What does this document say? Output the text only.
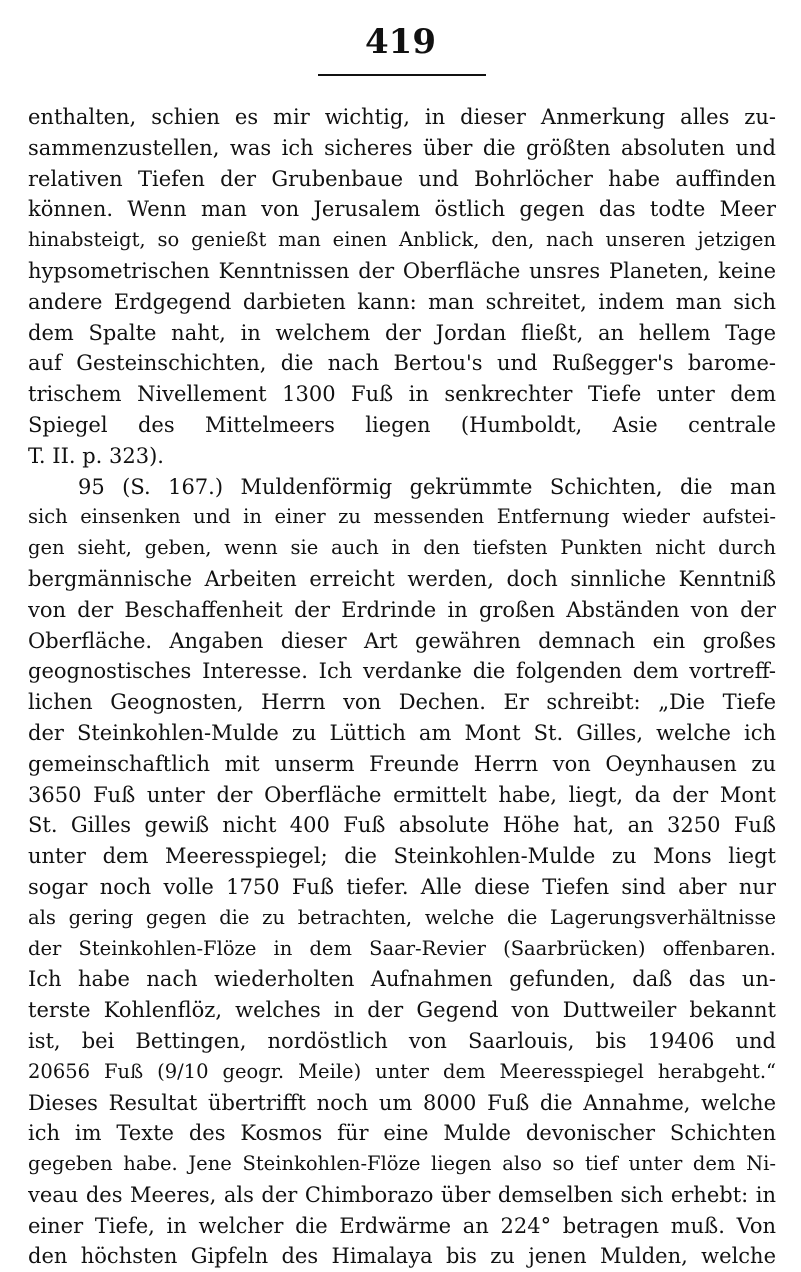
419
enthalten, schien es mir wichtig, in dieser Anmerkung alles zu-
sammenzustellen, was ich sicheres über die größten absoluten und
relativen Tiefen der Grubenbaue und Bohrlöcher habe auffinden
können. Wenn man von Jerusalem östlich gegen das todte Meer
hinabsteigt, so genießt man einen Anblick, den, nach unseren jetzigen
hypsometrischen Kenntnissen der Oberfläche unsres Planeten, keine
andere Erdgegend darbieten kann: man schreitet, indem man sich
dem Spalte naht, in welchem der Jordan fließt, an hellem Tage
auf Gesteinschichten, die nach Bertou's und Rußegger's barome-
trischem Nivellement 1300 Fuß in senkrechter Tiefe unter dem
Spiegel des Mittelmeers liegen (Humboldt, Asie centrale
T. II. p. 323).
95 (S. 167.) Muldenförmig gekrümmte Schichten, die man
sich einsenken und in einer zu messenden Entfernung wieder aufstei-
gen sieht, geben, wenn sie auch in den tiefsten Punkten nicht durch
bergmännische Arbeiten erreicht werden, doch sinnliche Kenntniß
von der Beschaffenheit der Erdrinde in großen Abständen von der
Oberfläche. Angaben dieser Art gewähren demnach ein großes
geognostisches Interesse. Ich verdanke die folgenden dem vortreff-
lichen Geognosten, Herrn von Dechen. Er schreibt: „Die Tiefe
der Steinkohlen-Mulde zu Lüttich am Mont St. Gilles, welche ich
gemeinschaftlich mit unserm Freunde Herrn von Oeynhausen zu
3650 Fuß unter der Oberfläche ermittelt habe, liegt, da der Mont
St. Gilles gewiß nicht 400 Fuß absolute Höhe hat, an 3250 Fuß
unter dem Meeresspiegel; die Steinkohlen-Mulde zu Mons liegt
sogar noch volle 1750 Fuß tiefer. Alle diese Tiefen sind aber nur
als gering gegen die zu betrachten, welche die Lagerungsverhältnisse
der Steinkohlen-Flöze in dem Saar-Revier (Saarbrücken) offenbaren.
Ich habe nach wiederholten Aufnahmen gefunden, daß das un-
terste Kohlenflöz, welches in der Gegend von Duttweiler bekannt
ist, bei Bettingen, nordöstlich von Saarlouis, bis 19406 und
20656 Fuß (9/10 geogr. Meile) unter dem Meeresspiegel herabgeht.“
Dieses Resultat übertrifft noch um 8000 Fuß die Annahme, welche
ich im Texte des Kosmos für eine Mulde devonischer Schichten
gegeben habe. Jene Steinkohlen-Flöze liegen also so tief unter dem Ni-
veau des Meeres, als der Chimborazo über demselben sich erhebt: in
einer Tiefe, in welcher die Erdwärme an 224° betragen muß. Von
den höchsten Gipfeln des Himalaya bis zu jenen Mulden, welche
